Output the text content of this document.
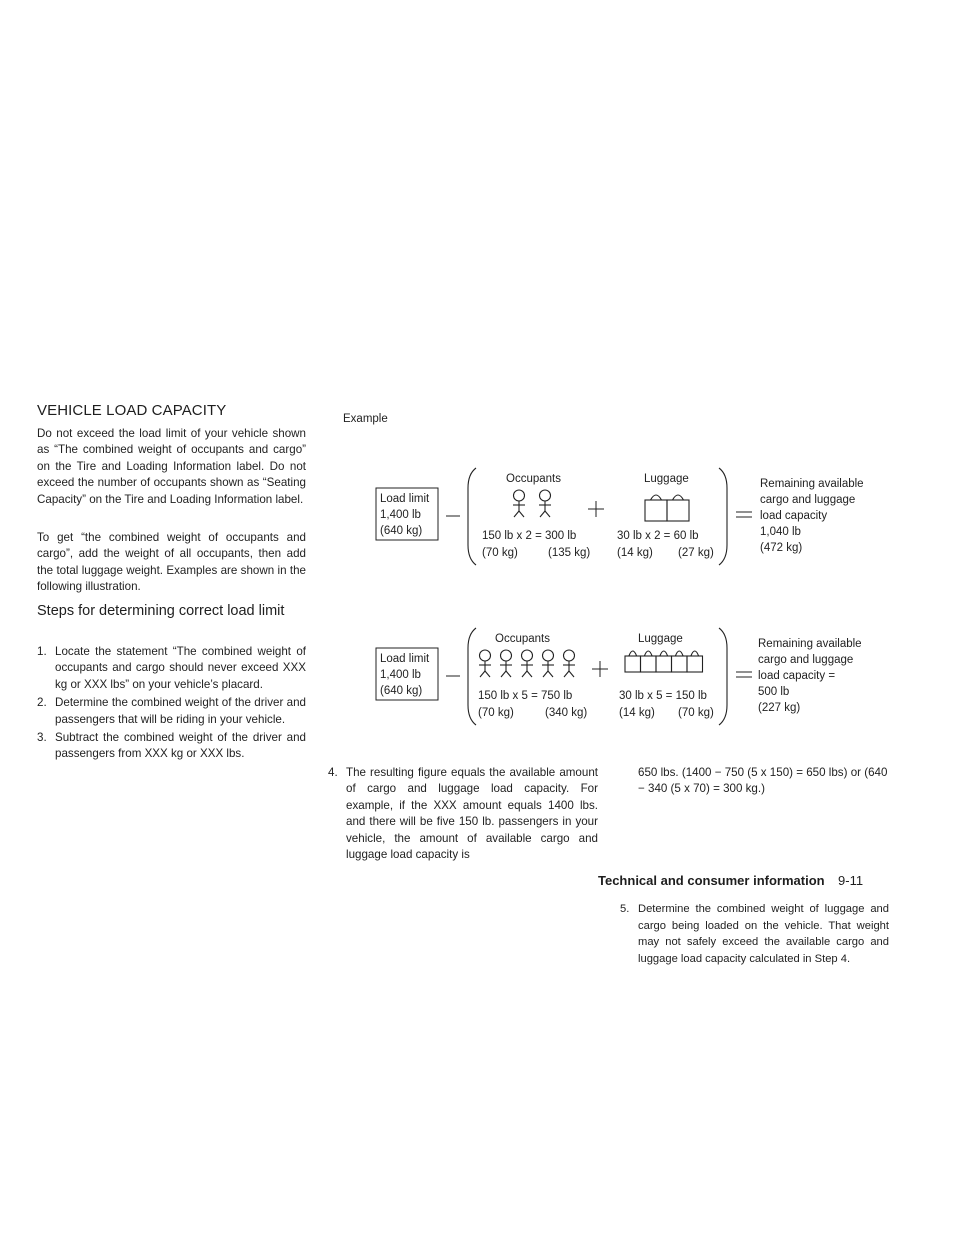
VEHICLE LOAD CAPACITY
Do not exceed the load limit of your vehicle shown as “The combined weight of occupants and cargo” on the Tire and Loading Information label. Do not exceed the number of occupants shown as “Seating Capacity” on the Tire and Loading Information label.
To get “the combined weight of occupants and cargo”, add the weight of all occupants, then add the total luggage weight. Examples are shown in the following illustration.
Steps for determining correct load limit
1. Locate the statement “The combined weight of occupants and cargo should never exceed XXX kg or XXX lbs” on your vehicle’s placard.
2. Determine the combined weight of the driver and passengers that will be riding in your vehicle.
3. Subtract the combined weight of the driver and passengers from XXX kg or XXX lbs.
Example
Load limit
1,400 lb
(640 kg)
Occupants
150 lb x 2 = 300 lb
(70 kg)	(135 kg)
Luggage
30 lb x 2 = 60 lb
(14 kg) (27 kg)
Remaining available
cargo and luggage
load capacity
1,040 lb
(472 kg)
Load limit
1,400 lb
(640 kg)
Occupants
150 lb x 5 = 750 lb
(70 kg)	(340 kg)
Luggage
30 lb x 5 = 150 lb
(14 kg) (70 kg)
Remaining available
cargo and luggage
load capacity =
500 lb
(227 kg)
4. The resulting figure equals the available amount of cargo and luggage load capacity. For example, if the XXX amount equals 1400 lbs. and there will be five 150 lb. passengers in your vehicle, the amount of available cargo and luggage load capacity is
650 lbs. (1400 − 750 (5 x 150) = 650 lbs) or (640 − 340 (5 x 70) = 300 kg.)
5. Determine the combined weight of luggage and cargo being loaded on the vehicle. That weight may not safely exceed the available cargo and luggage load capacity calculated in Step 4.
Technical and consumer information 9-11
